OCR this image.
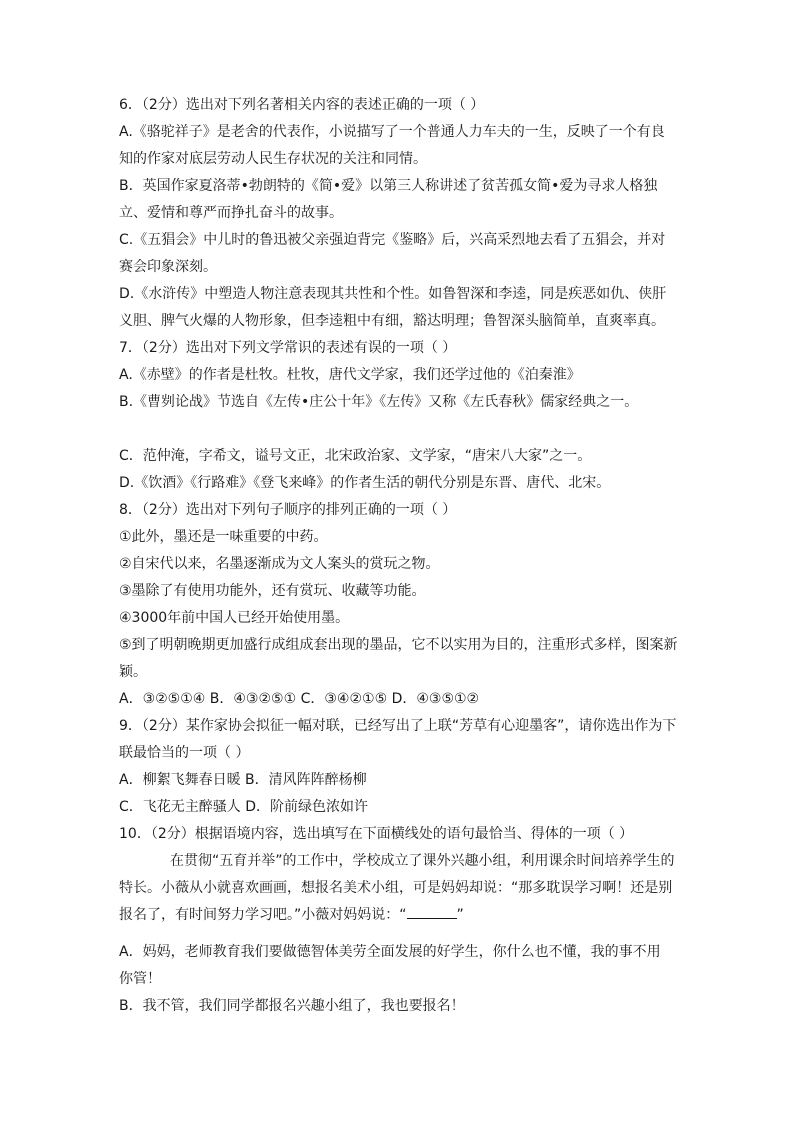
6．（2分）选出对下列名著相关内容的表述正确的一项（ ）
A.《骆驼祥子》是老舍的代表作，小说描写了一个普通人力车夫的一生，反映了一个有良
知的作家对底层劳动人民生存状况的关注和同情。
B．英国作家夏洛蒂•勃朗特的《简•爱》以第三人称讲述了贫苦孤女简•爱为寻求人格独
立、爱情和尊严而挣扎奋斗的故事。
C.《五猖会》中儿时的鲁迅被父亲强迫背完《鉴略》后，兴高采烈地去看了五猖会，并对
赛会印象深刻。
D.《水浒传》中塑造人物注意表现其共性和个性。如鲁智深和李逵，同是疾恶如仇、侠肝
义胆、脾气火爆的人物形象，但李逵粗中有细，豁达明理；鲁智深头脑简单，直爽率真。
7．（2分）选出对下列文学常识的表述有误的一项（ ）
A.《赤壁》的作者是杜牧。杜牧，唐代文学家，我们还学过他的《泊秦淮》
B.《曹刿论战》节选自《左传•庄公十年》《左传》又称《左氏春秋》儒家经典之一。
C．范仲淹，字希文，谥号文正，北宋政治家、文学家，“唐宋八大家”之一。
D.《饮酒》《行路难》《登飞来峰》的作者生活的朝代分别是东晋、唐代、北宋。
8．（2分）选出对下列句子顺序的排列正确的一项（ ）
①此外，墨还是一味重要的中药。
②自宋代以来，名墨逐渐成为文人案头的赏玩之物。
③墨除了有使用功能外，还有赏玩、收藏等功能。
④3000年前中国人已经开始使用墨。
⑤到了明朝晚期更加盛行成组成套出现的墨品，它不以实用为目的，注重形式多样，图案新
颖。
A．③②⑤①④ B．④③②⑤① C．③④②①⑤ D．④③⑤①②
9．（2分）某作家协会拟征一幅对联，已经写出了上联“芳草有心迎墨客”，请你选出作为下
联最恰当的一项（ ）
A．柳絮飞舞春日暖 B．清风阵阵醉杨柳
C．飞花无主醉骚人 D．阶前绿色浓如许
10．（2分）根据语境内容，选出填写在下面横线处的语句最恰当、得体的一项（ ）
在贯彻“五育并举”的工作中，学校成立了课外兴趣小组，利用课余时间培养学生的
特长。小薇从小就喜欢画画，想报名美术小组，可是妈妈却说：“那多耽误学习啊！还是别
报名了，有时间努力学习吧。”小薇对妈妈说：“	”
A．妈妈，老师教育我们要做德智体美劳全面发展的好学生，你什么也不懂，我的事不用
你管！
B．我不管，我们同学都报名兴趣小组了，我也要报名！
